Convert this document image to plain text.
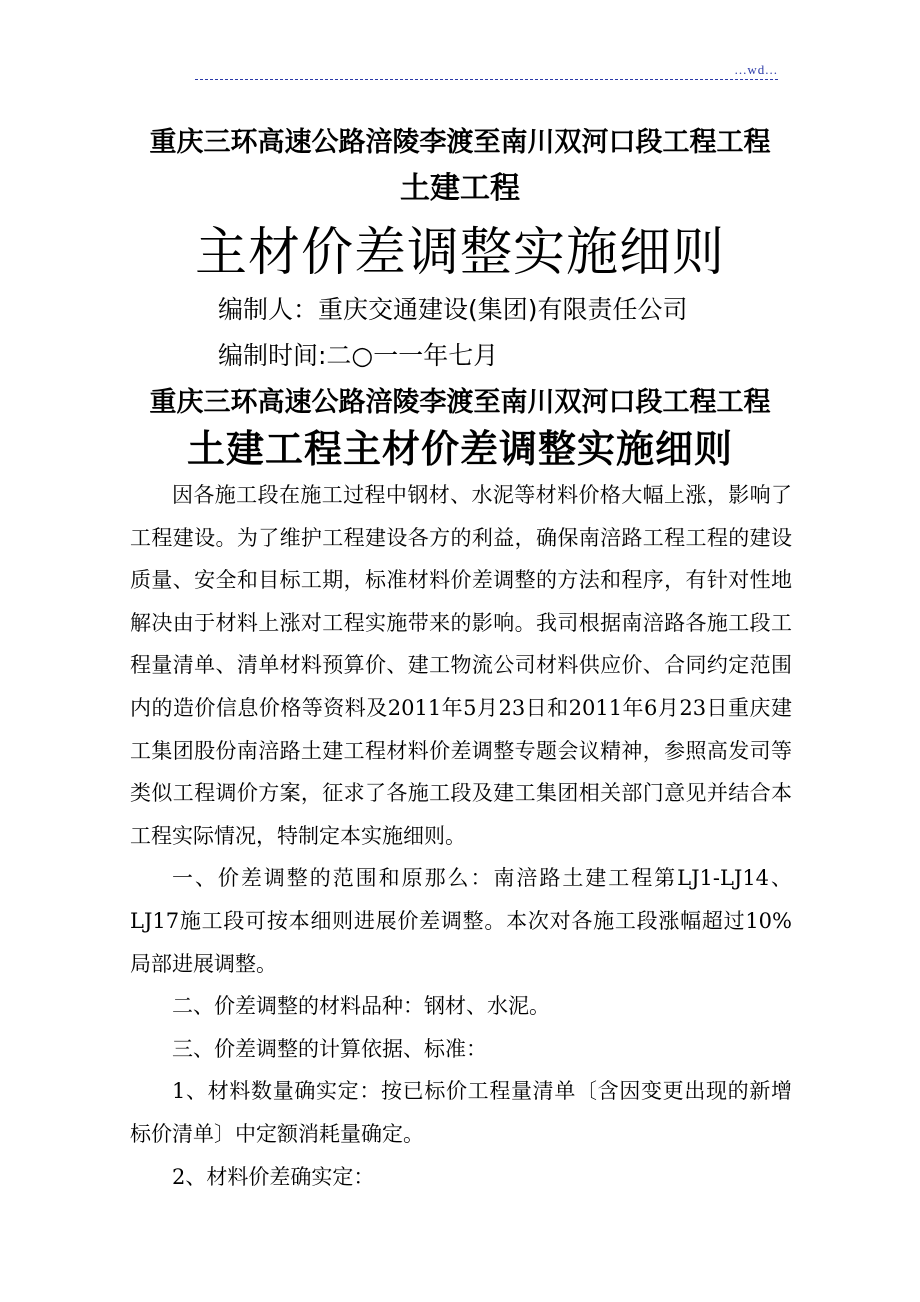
...wd...
重庆三环高速公路涪陵李渡至南川双河口段工程工程
土建工程
主材价差调整实施细则
编制人：重庆交通建设(集团)有限责任公司
编制时间:二○一一年七月
重庆三环高速公路涪陵李渡至南川双河口段工程工程
土建工程主材价差调整实施细则

因各施工段在施工过程中钢材、水泥等材料价格大幅上涨，影响了工程建设。为了维护工程建设各方的利益，确保南涪路工程工程的建设质量、安全和目标工期，标准材料价差调整的方法和程序，有针对性地解决由于材料上涨对工程实施带来的影响。我司根据南涪路各施工段工程量清单、清单材料预算价、建工物流公司材料供应价、合同约定范围内的造价信息价格等资料及2011年5月23日和2011年6月23日重庆建工集团股份南涪路土建工程材料价差调整专题会议精神，参照高发司等类似工程调价方案，征求了各施工段及建工集团相关部门意见并结合本工程实际情况，特制定本实施细则。

一、价差调整的范围和原那么：南涪路土建工程第LJ1-LJ14、LJ17施工段可按本细则进展价差调整。本次对各施工段涨幅超过10%局部进展调整。

二、价差调整的材料品种：钢材、水泥。

三、价差调整的计算依据、标准：

1、材料数量确实定：按已标价工程量清单〔含因变更出现的新增标价清单〕中定额消耗量确定。

2、材料价差确实定：
